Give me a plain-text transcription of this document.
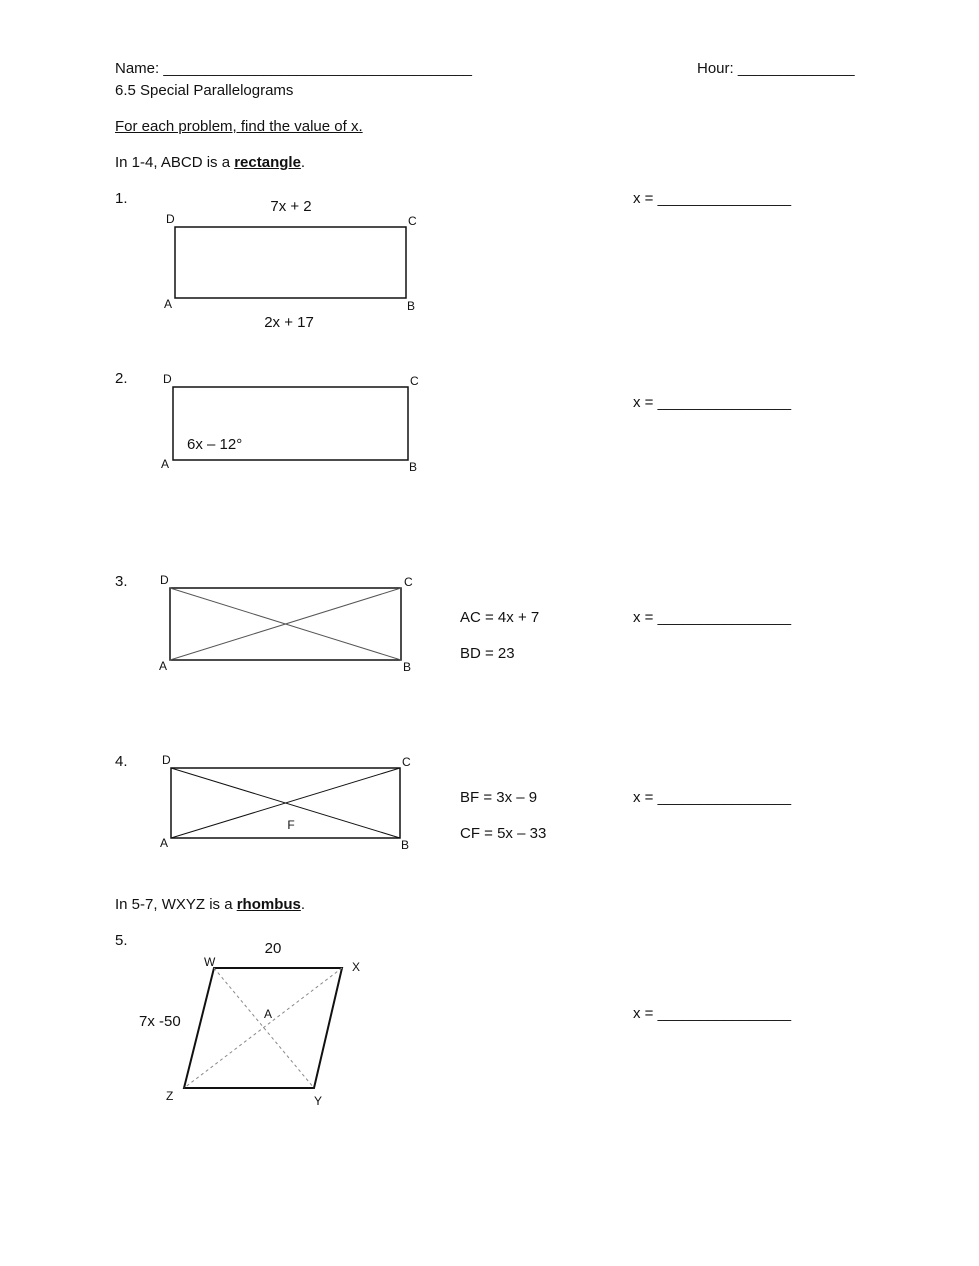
Name: _____________________________________	Hour: ______________
6.5 Special Parallelograms
For each problem, find the value of x.
In 1-4, ABCD is a rectangle.
1.	x = ________________
7x + 2
2x + 17
D	C
A	B
2.
x = ________________
6x – 12°
D	C
A	B
3.
AC = 4x + 7
BD = 23
x = ________________
D	C
A	B
4.
BF = 3x – 9
CF = 5x – 33
x = ________________
F
D	C
A	B
In 5-7, WXYZ is a rhombus.
5.
x = ________________
20
7x -50	A
W	X
Y
Z
